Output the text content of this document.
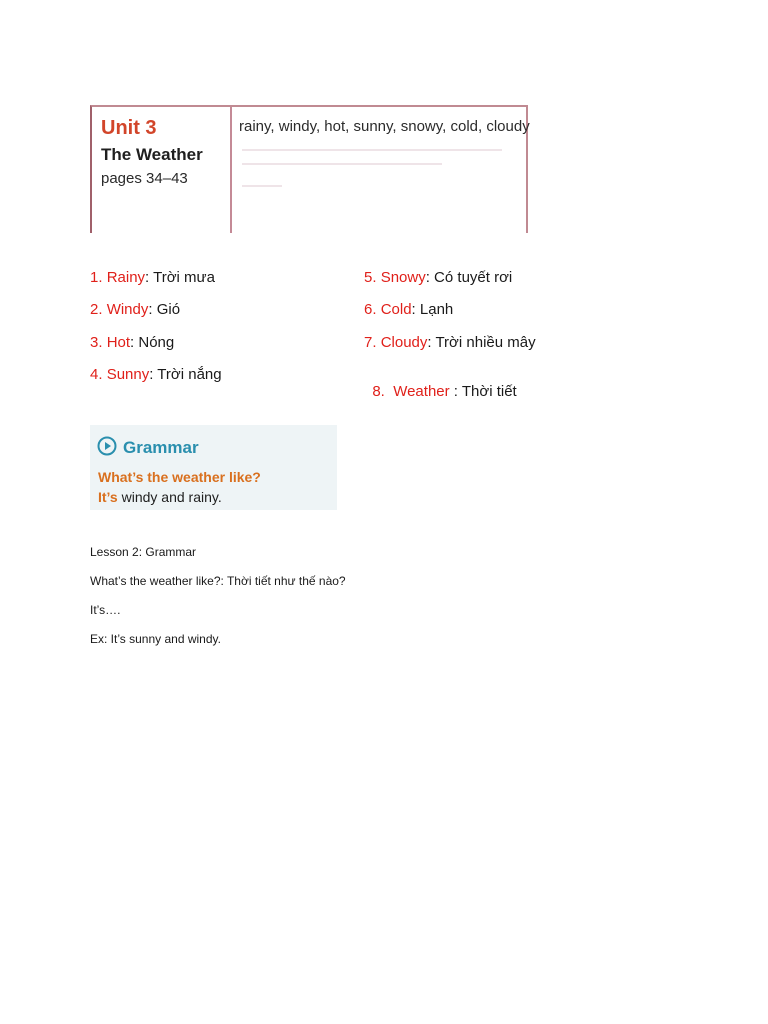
Unit 3
The Weather
pages 34–43
rainy, windy, hot, sunny, snowy, cold, cloudy
1. Rainy: Trời mưa
2. Windy: Gió
3. Hot: Nóng
4. Sunny: Trời nắng
5. Snowy: Có tuyết rơi
6. Cold: Lạnh
7. Cloudy: Trời nhiều mây

8.  Weather : Thời tiết

Grammar
What’s the weather like?
It’s windy and rainy.
Lesson 2: Grammar
What’s the weather like?: Thời tiết như thế nào?
It’s….
Ex: It’s sunny and windy.
